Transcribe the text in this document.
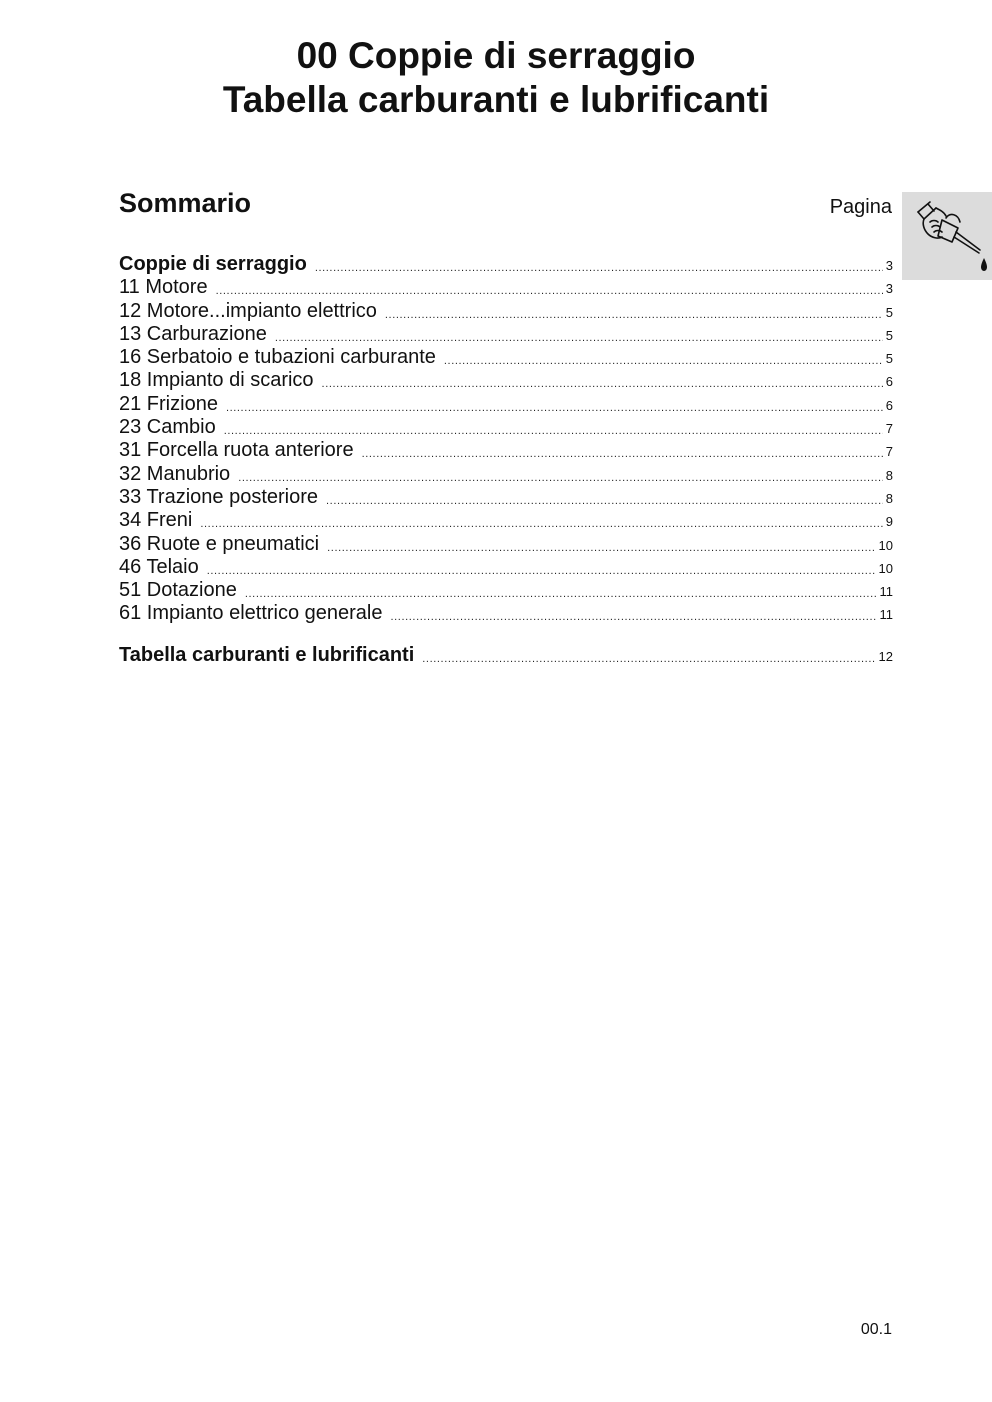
00 Coppie di serraggio
Tabella carburanti e lubrificanti
Sommario	Pagina
Coppie di serraggio .....	3
11 Motore .....	3
12 Motore...impianto elettrico .....	5
13 Carburazione .....	5
16 Serbatoio e tubazioni carburante .....	5
18 Impianto di scarico .....	6
21 Frizione .....	6
23 Cambio .....	7
31 Forcella ruota anteriore .....	7
32 Manubrio .....	8
33 Trazione posteriore .....	8
34 Freni .....	9
36 Ruote e pneumatici .....	10
46 Telaio .....	10
51 Dotazione .....	11
61 Impianto elettrico generale .....	11
Tabella carburanti e lubrificanti .....	12
00.1
